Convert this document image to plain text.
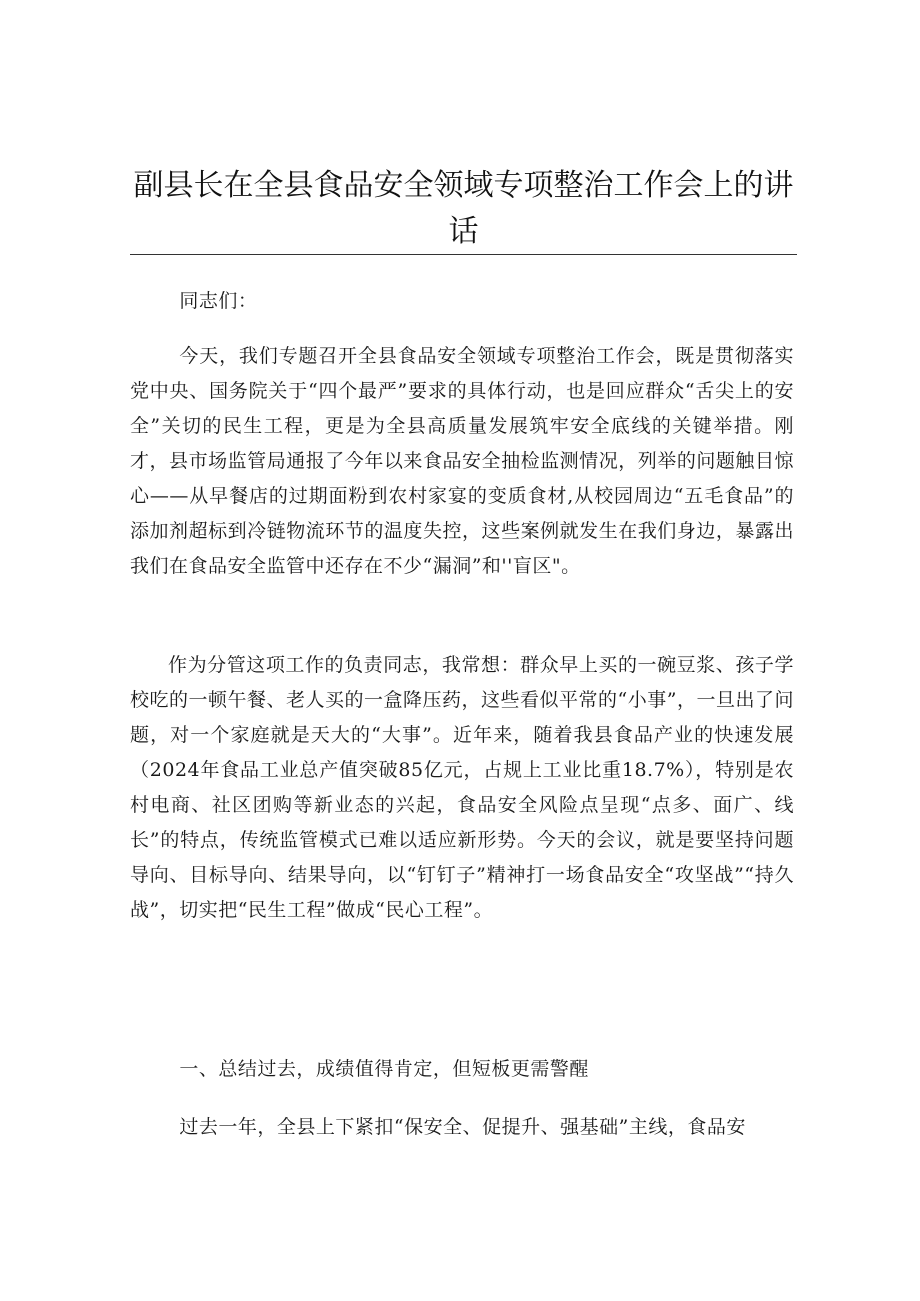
副县长在全县食品安全领域专项整治工作会上的讲话
同志们：
今天，我们专题召开全县食品安全领域专项整治工作会，既是贯彻落实党中央、国务院关于“四个最严”要求的具体行动，也是回应群众“舌尖上的安全”关切的民生工程，更是为全县高质量发展筑牢安全底线的关键举措。刚才，县市场监管局通报了今年以来食品安全抽检监测情况，列举的问题触目惊心——从早餐店的过期面粉到农村家宴的变质食材,从校园周边“五毛食品”的添加剂超标到冷链物流环节的温度失控，这些案例就发生在我们身边，暴露出我们在食品安全监管中还存在不少“漏洞”和''盲区"。
作为分管这项工作的负责同志，我常想：群众早上买的一碗豆浆、孩子学校吃的一顿午餐、老人买的一盒降压药，这些看似平常的“小事”，一旦出了问题，对一个家庭就是天大的“大事”。近年来，随着我县食品产业的快速发展（2024年食品工业总产值突破85亿元，占规上工业比重18.7%），特别是农村电商、社区团购等新业态的兴起，食品安全风险点呈现“点多、面广、线长”的特点，传统监管模式已难以适应新形势。今天的会议，就是要坚持问题导向、目标导向、结果导向，以“钉钉子”精神打一场食品安全“攻坚战”“持久战”，切实把“民生工程”做成“民心工程”。
一、总结过去，成绩值得肯定，但短板更需警醒
过去一年，全县上下紧扣“保安全、促提升、强基础”主线，食品安
